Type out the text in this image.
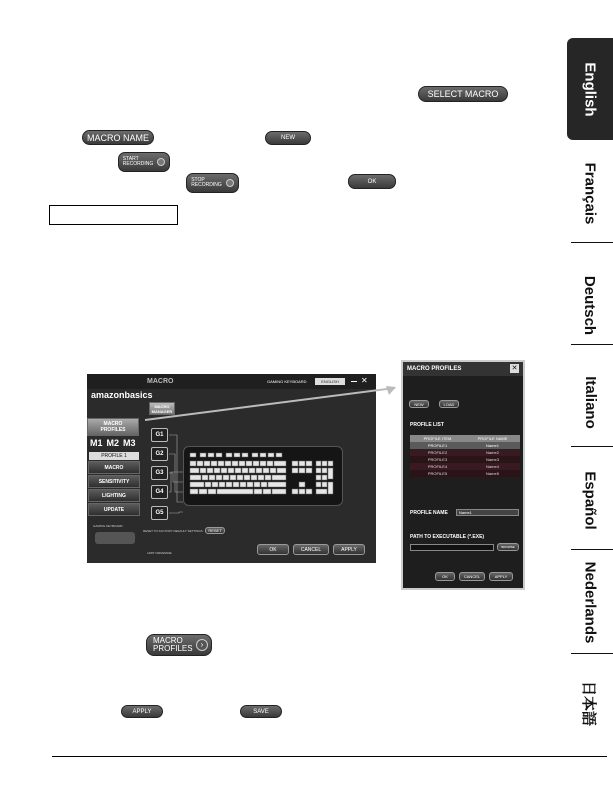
SELECT MACRO
MACRO NAME	NEW
START
RECORDING
STOP
RECORDING
OK
amazonbasics
MACRO	GAMING KEYBOARD	ENGLISH	✕
MACRO
PROFILES
M1 M2 M3
PROFILE 1
MACRO
SENSITIVITY
LIGHTING
UPDATE
GAMING KEYBOARD
MACRO
MANAGER
G1
G2
G3
G4
G5
RESET TO FACTORY DEFAULT SETTINGS RESET
LIMIT FIRMWARE
OK	CANCEL	APPLY
MACRO PROFILES	✕
NEW	LOAD
PROFILE LIST
PROFILE ITEM	PROFILE NAME
PROFILE1	Name1
PROFILE2	Name2
PROFILE3	Name3
PROFILE4	Name4
PROFILE5	Name5
PROFILE NAME	Name1
PATH TO EXECUTABLE (*.EXE)
BROWSE
OK	CANCEL	APPLY
MACRO
PROFILES	›
APPLY	SAVE
English
Français
Deutsch
Italiano
Español
Nederlands
日本語
